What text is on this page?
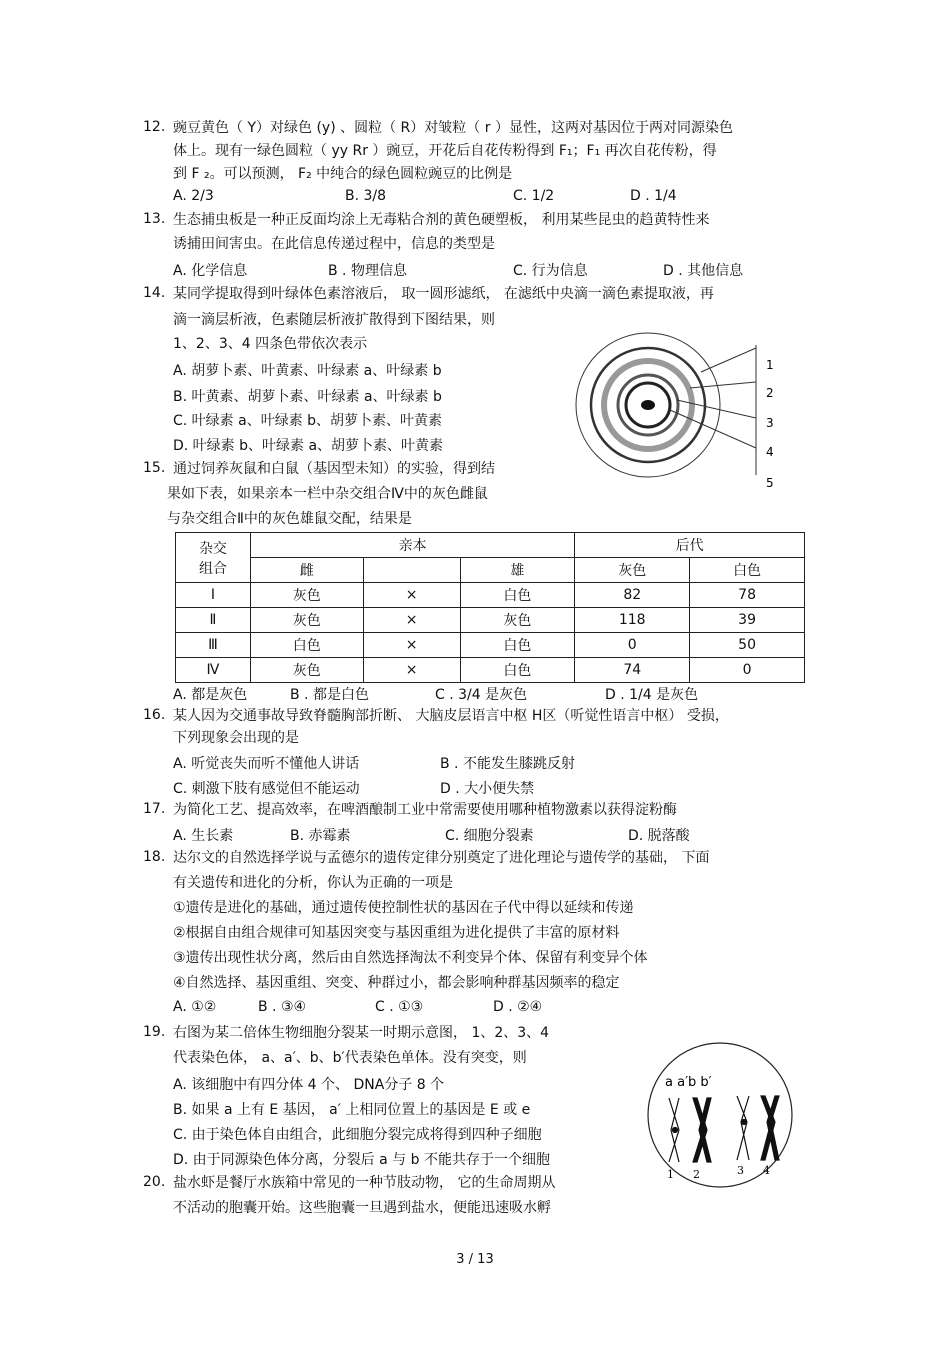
12. 豌豆黄色（ Y）对绿色 (y) 、圆粒（ R）对皱粒（ r ）显性，这两对基因位于两对同源染色
体上。现有一绿色圆粒（ yy Rr ）豌豆，开花后自花传粉得到 F₁；F₁ 再次自花传粉，得
到 F ₂。可以预测， F₂ 中纯合的绿色圆粒豌豆的比例是
A. 2/3	B. 3/8	C. 1/2	D . 1/4
13. 生态捕虫板是一种正反面均涂上无毒粘合剂的黄色硬塑板， 利用某些昆虫的趋黄特性来
诱捕田间害虫。在此信息传递过程中，信息的类型是
A. 化学信息	B . 物理信息	C. 行为信息	D . 其他信息
14. 某同学提取得到叶绿体色素溶液后， 取一圆形滤纸， 在滤纸中央滴一滴色素提取液，再
滴一滴层析液，色素随层析液扩散得到下图结果，则
1、2、3、4 四条色带依次表示
A. 胡萝卜素、叶黄素、叶绿素 a、叶绿素 b
B. 叶黄素、胡萝卜素、叶绿素 a、叶绿素 b
C. 叶绿素 a、叶绿素 b、胡萝卜素、叶黄素
D. 叶绿素 b、叶绿素 a、胡萝卜素、叶黄素
1
2
3
4
5
15. 通过饲养灰鼠和白鼠（基因型未知）的实验，得到结
果如下表，如果亲本一栏中杂交组合Ⅳ中的灰色雌鼠
与杂交组合Ⅱ中的灰色雄鼠交配，结果是
杂交
组合	亲本			后代	
	雌		雄	灰色	白色
Ⅰ	灰色	×	白色	82	78
Ⅱ	灰色	×	灰色	118	39
Ⅲ	白色	×	白色	0	50
Ⅳ	灰色	×	白色	74	0
A. 都是灰色	B . 都是白色	C . 3/4 是灰色	D . 1/4 是灰色
16. 某人因为交通事故导致脊髓胸部折断、 大脑皮层语言中枢 H区（听觉性语言中枢） 受损，
下列现象会出现的是
A. 听觉丧失而听不懂他人讲话	B . 不能发生膝跳反射
C. 刺激下肢有感觉但不能运动	D . 大小便失禁
17. 为简化工艺、提高效率，在啤酒酿制工业中常需要使用哪种植物激素以获得淀粉酶
A. 生长素	B. 赤霉素	C. 细胞分裂素	D. 脱落酸
18. 达尔文的自然选择学说与孟德尔的遗传定律分别奠定了进化理论与遗传学的基础， 下面
有关遗传和进化的分析，你认为正确的一项是
①遗传是进化的基础，通过遗传使控制性状的基因在子代中得以延续和传递
②根据自由组合规律可知基因突变与基因重组为进化提供了丰富的原材料
③遗传出现性状分离，然后由自然选择淘汰不利变异个体、保留有利变异个体
④自然选择、基因重组、突变、种群过小，都会影响种群基因频率的稳定
A. ①②	B . ③④	C . ①③	D . ②④
19. 右图为某二倍体生物细胞分裂某一时期示意图， 1、2、3、4
代表染色体， a、a′、b、b′代表染色单体。没有突变，则
A. 该细胞中有四分体 4 个、 DNA分子 8 个
B. 如果 a 上有 E 基因， a′ 上相同位置上的基因是 E 或 e
C. 由于染色体自由组合，此细胞分裂完成将得到四种子细胞
D. 由于同源染色体分离，分裂后 a 与 b 不能共存于一个细胞
a a′b b′
1 2	3 4
20. 盐水虾是餐厅水族箱中常见的一种节肢动物， 它的生命周期从
不活动的胞囊开始。这些胞囊一旦遇到盐水，便能迅速吸水孵
3 / 13
